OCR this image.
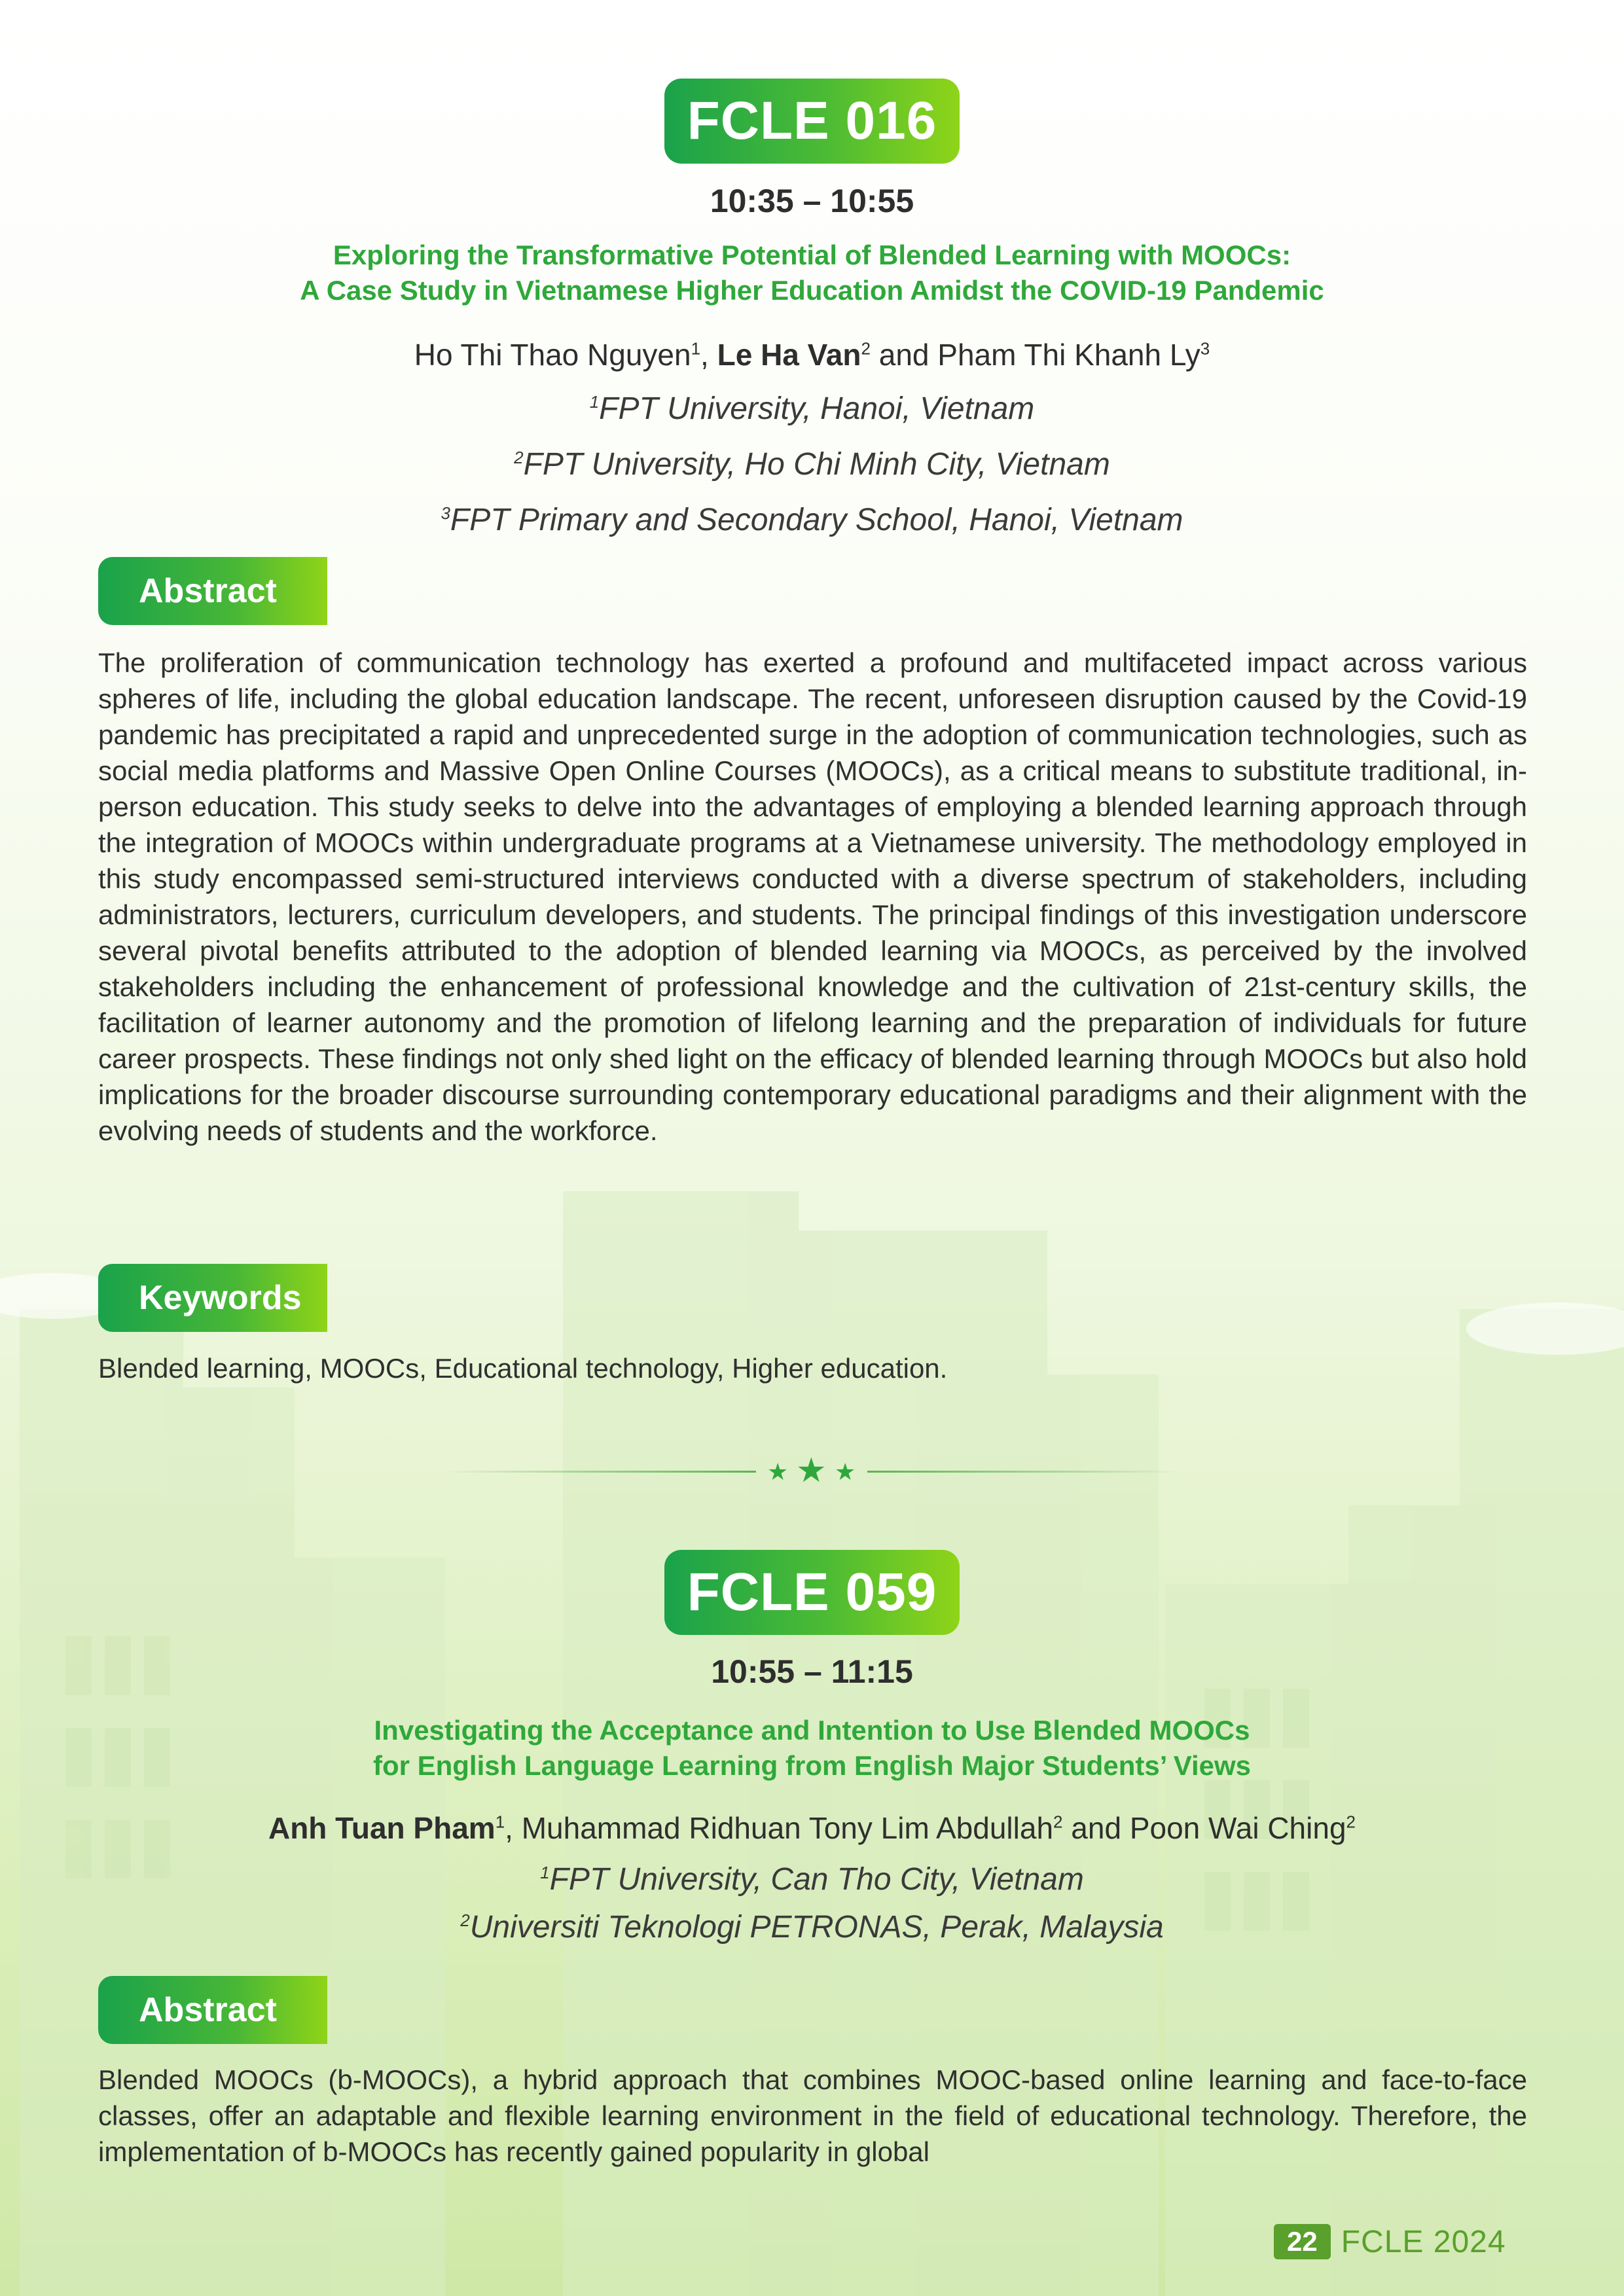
FCLE 016
10:35 – 10:55
Exploring the Transformative Potential of Blended Learning with MOOCs:
A Case Study in Vietnamese Higher Education Amidst the COVID-19 Pandemic
Ho Thi Thao Nguyen$^1$, Le Ha Van$^2$ and Pham Thi Khanh Ly$^3$
$^1$FPT University, Hanoi, Vietnam
$^2$FPT University, Ho Chi Minh City, Vietnam
$^3$FPT Primary and Secondary School, Hanoi, Vietnam
Abstract
The proliferation of communication technology has exerted a profound and multifaceted impact across various spheres of life, including the global education landscape. The recent, unforeseen disruption caused by the Covid-19 pandemic has precipitated a rapid and unprecedented surge in the adoption of communication technologies, such as social media platforms and Massive Open Online Courses (MOOCs), as a critical means to substitute traditional, in-person education. This study seeks to delve into the advantages of employing a blended learning approach through the integration of MOOCs within undergraduate programs at a Vietnamese university. The methodology employed in this study encompassed semi-structured interviews conducted with a diverse spectrum of stakeholders, including administrators, lecturers, curriculum developers, and students. The principal findings of this investigation underscore several pivotal benefits attributed to the adoption of blended learning via MOOCs, as perceived by the involved stakeholders including the enhancement of professional knowledge and the cultivation of 21st-century skills, the facilitation of learner autonomy and the promotion of lifelong learning and the preparation of individuals for future career prospects. These findings not only shed light on the efficacy of blended learning through MOOCs but also hold implications for the broader discourse surrounding contemporary educational paradigms and their alignment with the evolving needs of students and the workforce.
Keywords
Blended learning, MOOCs, Educational technology, Higher education.
★ ★ ★
FCLE 059
10:55 – 11:15
Investigating the Acceptance and Intention to Use Blended MOOCs
for English Language Learning from English Major Students’ Views
Anh Tuan Pham$^1$, Muhammad Ridhuan Tony Lim Abdullah$^2$ and Poon Wai Ching$^2$
$^1$FPT University, Can Tho City, Vietnam
$^2$Universiti Teknologi PETRONAS, Perak, Malaysia
Abstract
Blended MOOCs (b-MOOCs), a hybrid approach that combines MOOC-based online learning and face-to-face classes, offer an adaptable and flexible learning environment in the field of educational technology. Therefore, the implementation of b-MOOCs has recently gained popularity in global
22 FCLE 2024
